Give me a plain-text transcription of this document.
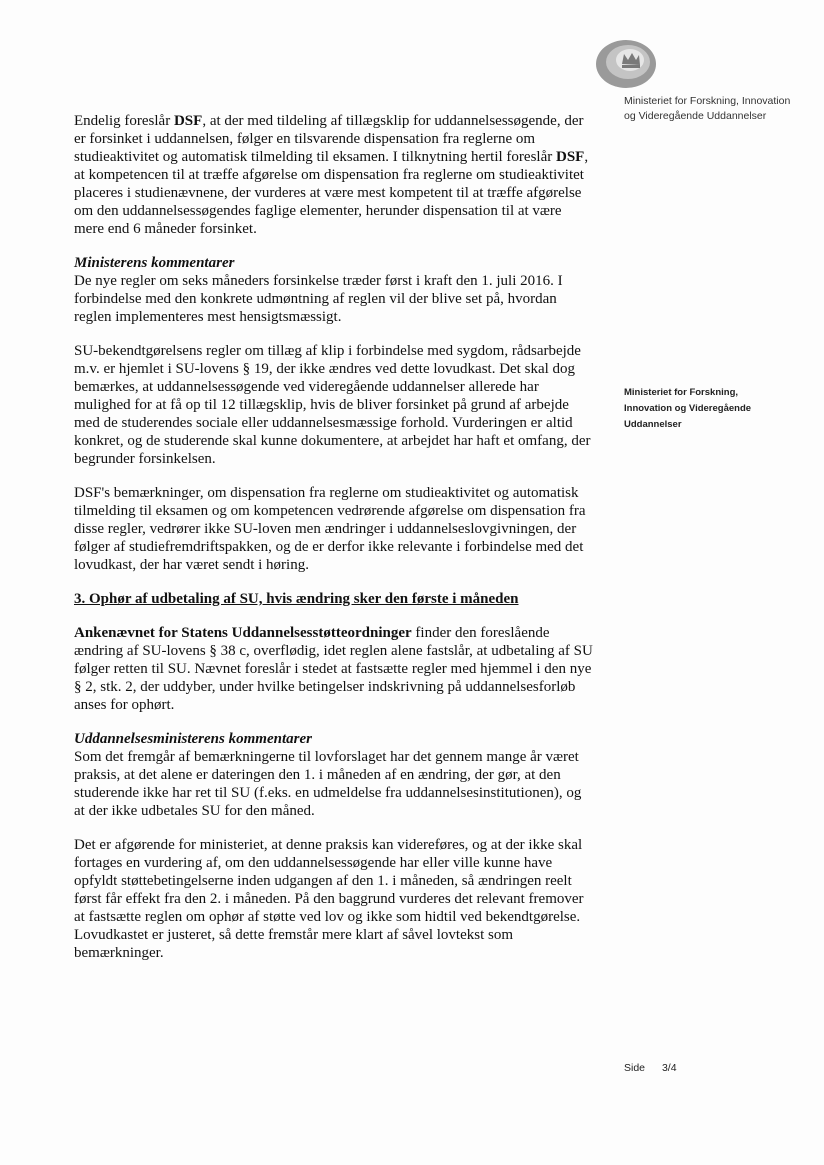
Ministeriet for Forskning, Innovation
og Videregående Uddannelser
Ministeriet for Forskning,
Innovation og Videregående
Uddannelser

Endelig foreslår DSF, at der med tildeling af tillægsklip for uddannelsessøgende, der er forsinket i uddannelsen, følger en tilsvarende dispensation fra reglerne om studieaktivitet og automatisk tilmelding til eksamen. I tilknytning hertil foreslår DSF, at kompetencen til at træffe afgørelse om dispensation fra reglerne om studieaktivitet placeres i studienævnene, der vurderes at være mest kompetent til at træffe afgørelse om den uddannelsessøgendes faglige elementer, herunder dispensation til at være mere end 6 måneder forsinket.

Ministerens kommentarer

De nye regler om seks måneders forsinkelse træder først i kraft den 1. juli 2016. I forbindelse med den konkrete udmøntning af reglen vil der blive set på, hvordan reglen implementeres mest hensigtsmæssigt.

SU-bekendtgørelsens regler om tillæg af klip i forbindelse med sygdom, rådsarbejde m.v. er hjemlet i SU-lovens § 19, der ikke ændres ved dette lovudkast. Det skal dog bemærkes, at uddannelsessøgende ved videregående uddannelser allerede har mulighed for at få op til 12 tillægsklip, hvis de bliver forsinket på grund af arbejde med de studerendes sociale eller uddannelsesmæssige forhold. Vurderingen er altid konkret, og de studerende skal kunne dokumentere, at arbejdet har haft et omfang, der begrunder forsinkelsen.

DSF's bemærkninger, om dispensation fra reglerne om studieaktivitet og automatisk tilmelding til eksamen og om kompetencen vedrørende afgørelse om dispensation fra disse regler, vedrører ikke SU-loven men ændringer i uddannelseslovgivningen, der følger af studiefremdriftspakken, og de er derfor ikke relevante i forbindelse med det lovudkast, der har været sendt i høring.

3. Ophør af udbetaling af SU, hvis ændring sker den første i måneden

Ankenævnet for Statens Uddannelsesstøtteordninger finder den foreslående ændring af SU-lovens § 38 c, overflødig, idet reglen alene fastslår, at udbetaling af SU følger retten til SU. Nævnet foreslår i stedet at fastsætte regler med hjemmel i den nye § 2, stk. 2, der uddyber, under hvilke betingelser indskrivning på uddannelsesforløb anses for ophørt.

Uddannelsesministerens kommentarer

Som det fremgår af bemærkningerne til lovforslaget har det gennem mange år været praksis, at det alene er dateringen den 1. i måneden af en ændring, der gør, at den studerende ikke har ret til SU (f.eks. en udmeldelse fra uddannelsesinstitutionen), og at der ikke udbetales SU for den måned.

Det er afgørende for ministeriet, at denne praksis kan videreføres, og at der ikke skal fortages en vurdering af, om den uddannelsessøgende har eller ville kunne have opfyldt støttebetingelserne inden udgangen af den 1. i måneden, så ændringen reelt først får effekt fra den 2. i måneden. På den baggrund vurderes det relevant fremover at fastsætte reglen om ophør af støtte ved lov og ikke som hidtil ved bekendtgørelse. Lovudkastet er justeret, så dette fremstår mere klart af såvel lovtekst som bemærkninger.

Side 3/4
